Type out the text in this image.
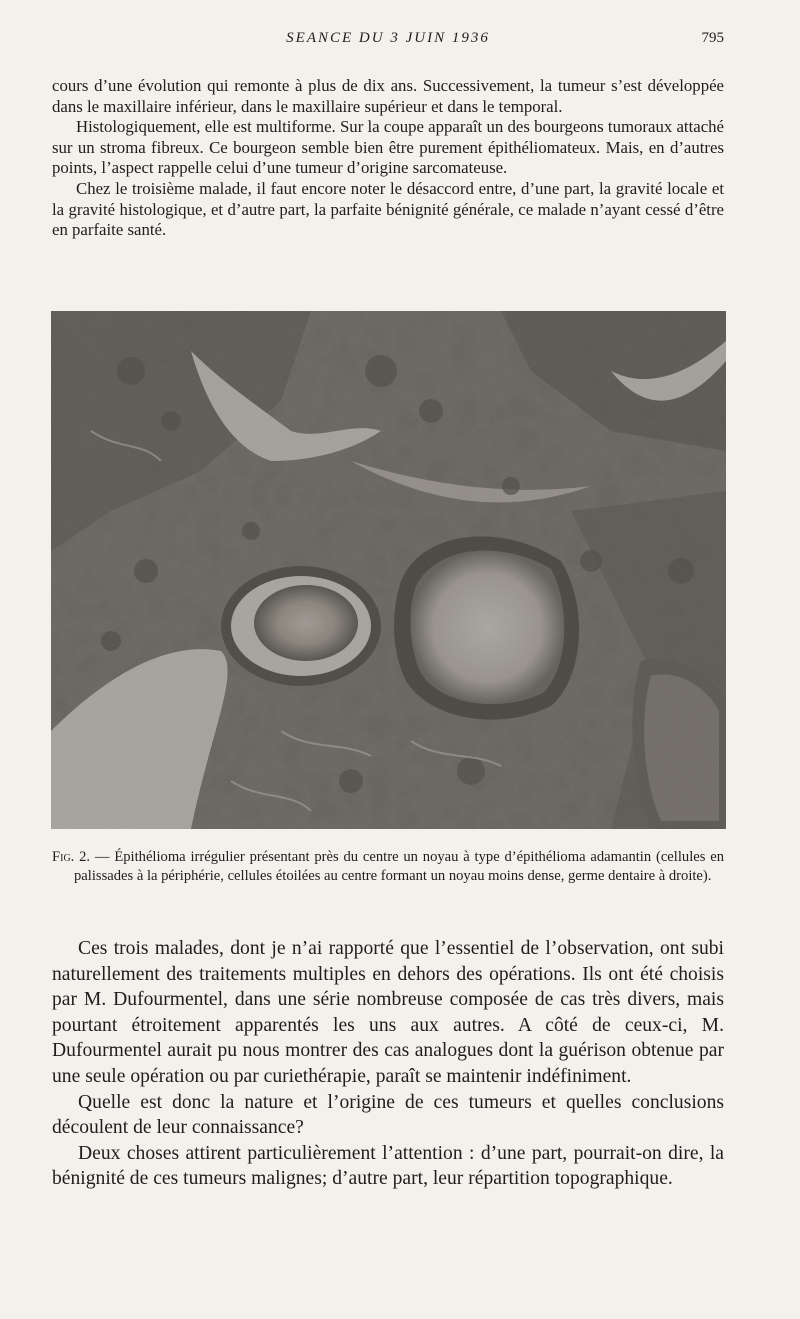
SEANCE DU 3 JUIN 1936	795

cours d’une évolution qui remonte à plus de dix ans. Successivement, la tumeur s’est développée dans le maxillaire inférieur, dans le maxillaire supérieur et dans le temporal.

Histologiquement, elle est multiforme. Sur la coupe apparaît un des bourgeons tumoraux attaché sur un stroma fibreux. Ce bourgeon semble bien être purement épithéliomateux. Mais, en d’autres points, l’aspect rappelle celui d’une tumeur d’origine sarcomateuse.

Chez le troisième malade, il faut encore noter le désaccord entre, d’une part, la gravité locale et la gravité histologique, et d’autre part, la parfaite bénignité générale, ce malade n’ayant cessé d’être en parfaite santé.

Fig. 2. — Épithélioma irrégulier présentant près du centre un noyau à type d’épithélioma adamantin (cellules en palissades à la périphérie, cellules étoilées au centre formant un noyau moins dense, germe dentaire à droite).

Ces trois malades, dont je n’ai rapporté que l’essentiel de l’observation, ont subi naturellement des traitements multiples en dehors des opérations. Ils ont été choisis par M. Dufourmentel, dans une série nombreuse composée de cas très divers, mais pourtant étroitement apparentés les uns aux autres. A côté de ceux-ci, M. Dufourmentel aurait pu nous montrer des cas analogues dont la guérison obtenue par une seule opération ou par curiethérapie, paraît se maintenir indéfiniment.

Quelle est donc la nature et l’origine de ces tumeurs et quelles conclusions découlent de leur connaissance?

Deux choses attirent particulièrement l’attention : d’une part, pourrait-on dire, la bénignité de ces tumeurs malignes; d’autre part, leur répartition topographique.
